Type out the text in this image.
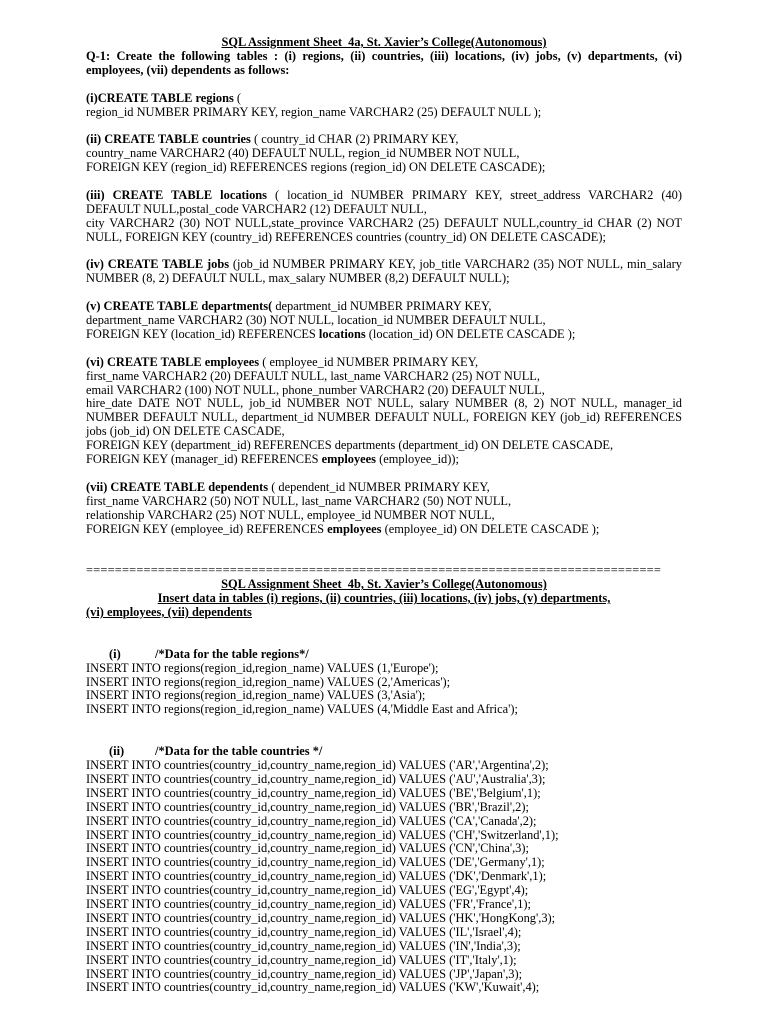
SQL Assignment Sheet_4a, St. Xavier’s College(Autonomous)

Q-1: Create the following tables : (i) regions, (ii) countries, (iii) locations, (iv) jobs, (v) departments, (vi) employees, (vii) dependents as follows:

(i)CREATE TABLE regions (

region_id NUMBER PRIMARY KEY, region_name VARCHAR2 (25) DEFAULT NULL );

(ii) CREATE TABLE countries ( country_id CHAR (2) PRIMARY KEY,

country_name VARCHAR2 (40) DEFAULT NULL, region_id NUMBER NOT NULL,

FOREIGN KEY (region_id) REFERENCES regions (region_id) ON DELETE CASCADE);

(iii) CREATE TABLE locations ( location_id NUMBER PRIMARY KEY, street_address VARCHAR2 (40) DEFAULT NULL,postal_code VARCHAR2 (12) DEFAULT NULL,

city VARCHAR2 (30) NOT NULL,state_province VARCHAR2 (25) DEFAULT NULL,country_id CHAR (2) NOT NULL, FOREIGN KEY (country_id) REFERENCES countries (country_id) ON DELETE CASCADE);

(iv) CREATE TABLE jobs (job_id NUMBER PRIMARY KEY, job_title VARCHAR2 (35) NOT NULL, min_salary NUMBER (8, 2) DEFAULT NULL, max_salary NUMBER (8,2) DEFAULT NULL);

(v) CREATE TABLE departments( department_id NUMBER PRIMARY KEY,

department_name VARCHAR2 (30) NOT NULL, location_id NUMBER DEFAULT NULL,

FOREIGN KEY (location_id) REFERENCES locations (location_id) ON DELETE CASCADE );

(vi) CREATE TABLE employees ( employee_id NUMBER PRIMARY KEY,

first_name VARCHAR2 (20) DEFAULT NULL, last_name VARCHAR2 (25) NOT NULL,

email VARCHAR2 (100) NOT NULL, phone_number VARCHAR2 (20) DEFAULT NULL,

hire_date DATE NOT NULL, job_id NUMBER NOT NULL, salary NUMBER (8, 2) NOT NULL, manager_id NUMBER DEFAULT NULL, department_id NUMBER DEFAULT NULL, FOREIGN KEY (job_id) REFERENCES jobs (job_id) ON DELETE CASCADE,

FOREIGN KEY (department_id) REFERENCES departments (department_id) ON DELETE CASCADE,

FOREIGN KEY (manager_id) REFERENCES employees (employee_id));

(vii) CREATE TABLE dependents ( dependent_id NUMBER PRIMARY KEY,

first_name VARCHAR2 (50) NOT NULL, last_name VARCHAR2 (50) NOT NULL,

relationship VARCHAR2 (25) NOT NULL, employee_id NUMBER NOT NULL,

FOREIGN KEY (employee_id) REFERENCES employees (employee_id) ON DELETE CASCADE );

================================================================================

SQL Assignment Sheet_4b, St. Xavier’s College(Autonomous)

Insert data in tables (i) regions, (ii) countries, (iii) locations, (iv) jobs, (v) departments,

(vi) employees, (vii) dependents

(i)	/*Data for the table regions*/

INSERT INTO regions(region_id,region_name) VALUES (1,'Europe');

INSERT INTO regions(region_id,region_name) VALUES (2,'Americas');

INSERT INTO regions(region_id,region_name) VALUES (3,'Asia');

INSERT INTO regions(region_id,region_name) VALUES (4,'Middle East and Africa');

(ii) /*Data for the table countries */

INSERT INTO countries(country_id,country_name,region_id) VALUES ('AR','Argentina',2);

INSERT INTO countries(country_id,country_name,region_id) VALUES ('AU','Australia',3);

INSERT INTO countries(country_id,country_name,region_id) VALUES ('BE','Belgium',1);

INSERT INTO countries(country_id,country_name,region_id) VALUES ('BR','Brazil',2);

INSERT INTO countries(country_id,country_name,region_id) VALUES ('CA','Canada',2);

INSERT INTO countries(country_id,country_name,region_id) VALUES ('CH','Switzerland',1);

INSERT INTO countries(country_id,country_name,region_id) VALUES ('CN','China',3);

INSERT INTO countries(country_id,country_name,region_id) VALUES ('DE','Germany',1);

INSERT INTO countries(country_id,country_name,region_id) VALUES ('DK','Denmark',1);

INSERT INTO countries(country_id,country_name,region_id) VALUES ('EG','Egypt',4);

INSERT INTO countries(country_id,country_name,region_id) VALUES ('FR','France',1);

INSERT INTO countries(country_id,country_name,region_id) VALUES ('HK','HongKong',3);

INSERT INTO countries(country_id,country_name,region_id) VALUES ('IL','Israel',4);

INSERT INTO countries(country_id,country_name,region_id) VALUES ('IN','India',3);

INSERT INTO countries(country_id,country_name,region_id) VALUES ('IT','Italy',1);

INSERT INTO countries(country_id,country_name,region_id) VALUES ('JP','Japan',3);

INSERT INTO countries(country_id,country_name,region_id) VALUES ('KW','Kuwait',4);
